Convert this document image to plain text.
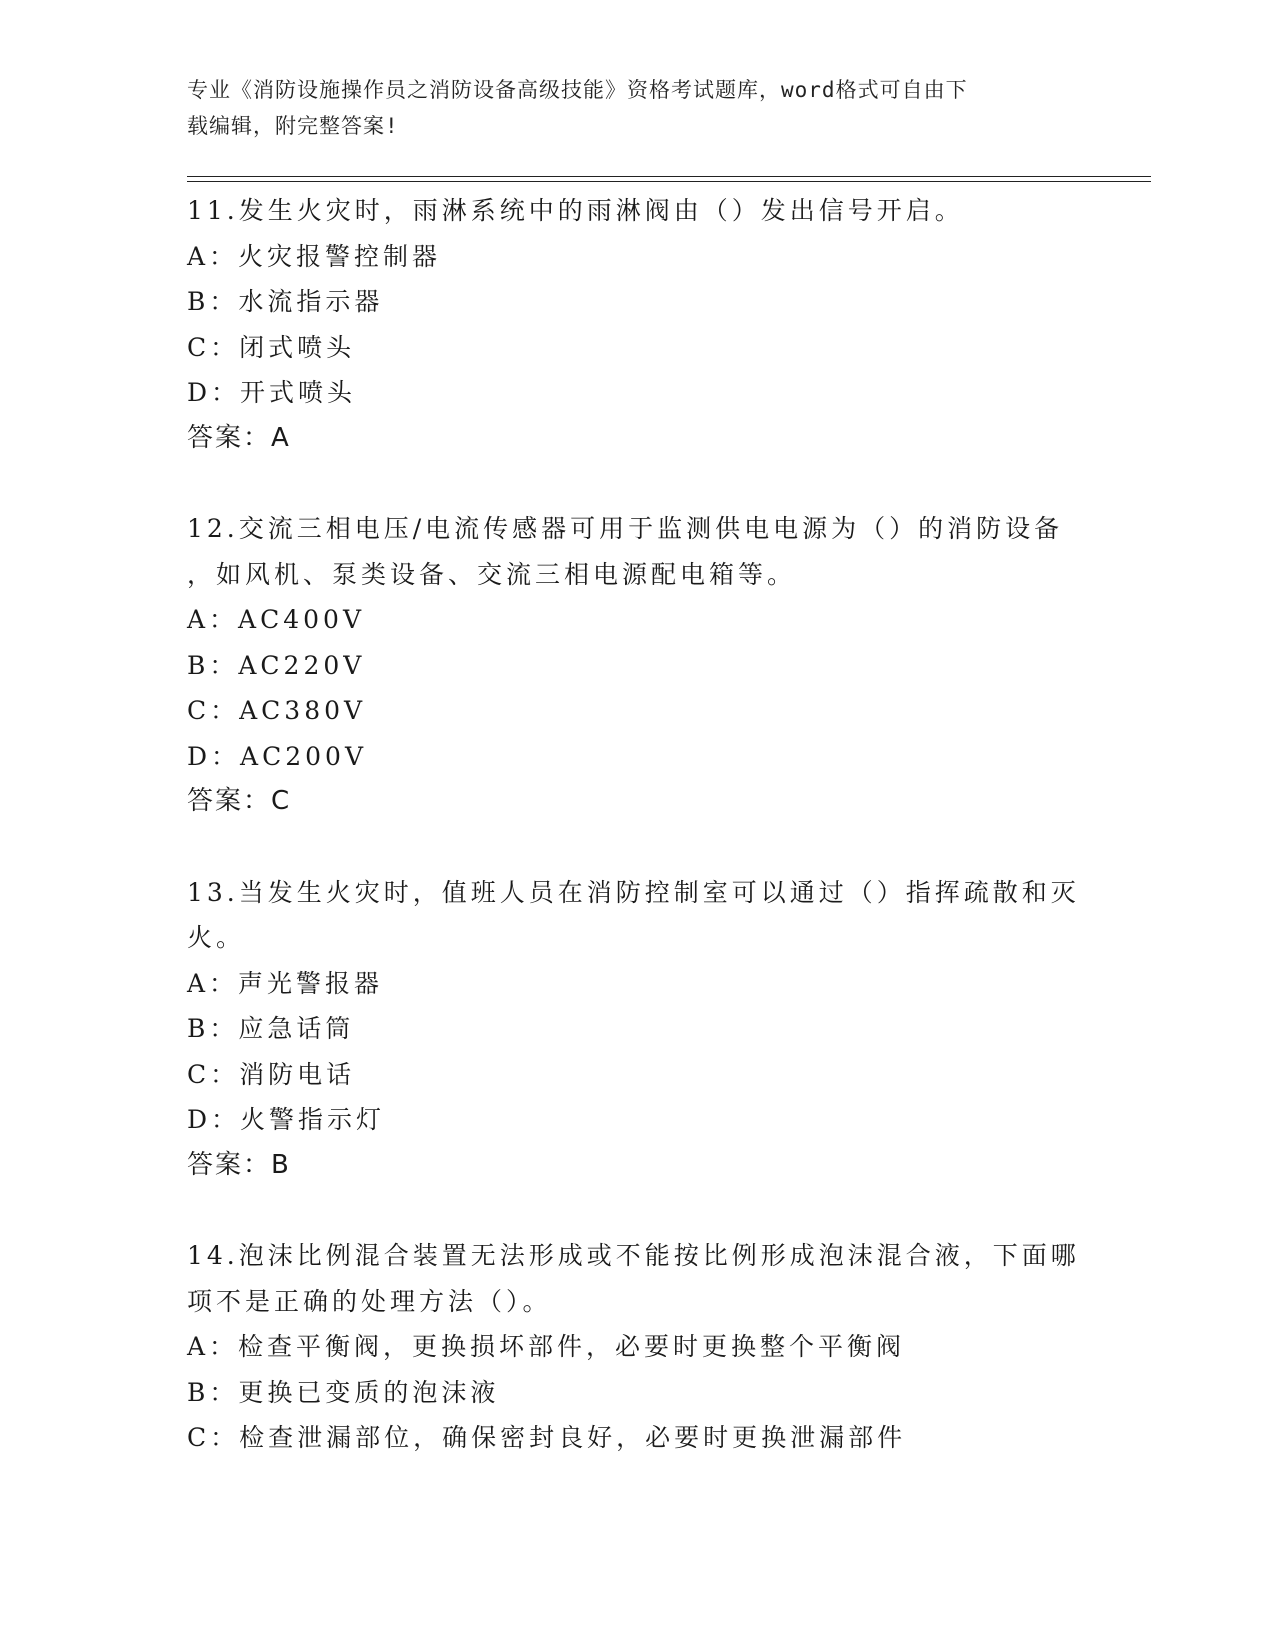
专业《消防设施操作员之消防设备高级技能》资格考试题库，word格式可自由下
载编辑，附完整答案!
11.发生火灾时，雨淋系统中的雨淋阀由（）发出信号开启。
A：火灾报警控制器
B：水流指示器
C：闭式喷头
D：开式喷头
答案：A
12.交流三相电压/电流传感器可用于监测供电电源为（）的消防设备
，如风机、泵类设备、交流三相电源配电箱等。
A：AC400V
B：AC220V
C：AC380V
D：AC200V
答案：C
13.当发生火灾时，值班人员在消防控制室可以通过（）指挥疏散和灭
火。
A：声光警报器
B：应急话筒
C：消防电话
D：火警指示灯
答案：B
14.泡沫比例混合装置无法形成或不能按比例形成泡沫混合液，下面哪
项不是正确的处理方法（）。
A：检查平衡阀，更换损坏部件，必要时更换整个平衡阀
B：更换已变质的泡沫液
C：检查泄漏部位，确保密封良好，必要时更换泄漏部件
